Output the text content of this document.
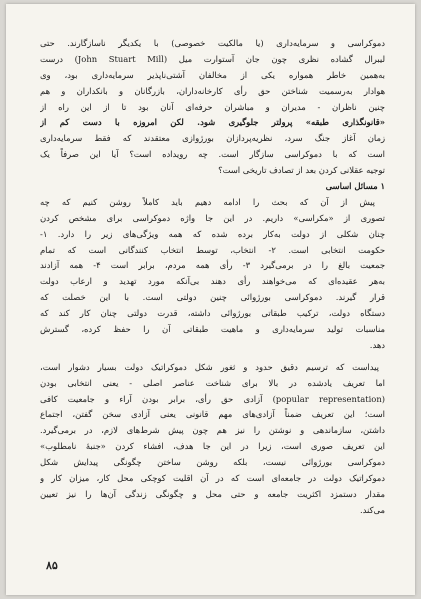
دموکراسی و سرمایه‌داری (یا مالکیت خصوصی) با یکدیگر ناسازگارند. حتی
لیبرال گشاده نظری چون جان آستوارت میل (John Stuart Mill) درست
به‌همین خاطر همواره یکی از مخالفان آشتی‌ناپذیر سرمایه‌داری بود، وی
هوادار به‌رسمیت شناختن حق رأی کارخانه‌داران، بازرگانان و بانکداران و هم
چنین ناظران - مدیران و مباشران حرفه‌ای آنان بود تا از این راه از
«قانونگذاری طبقه» پرولتر جلوگیری شود. لکن امروزه با دست کم از
زمان آغاز جنگ سرد، نظریه‌پردازان بورژوازی معتقدند که فقط سرمایه‌داری
است که با دموکراسی سازگار است. چه رویداده است؟ آیا این صرفاً یک
توجیه عقلانی کردن بعد از تصادف تاریخی است؟
۱ مسائل اساسی
پیش از آن که بحث را ادامه دهیم باید کاملاً روشن کنیم که چه
تصوری از «مکراسی» داریم. در این جا واژه دموکراسی برای مشخص کردن
چنان شکلی از دولت به‌کار برده شده که همه ویژگی‌های زیر را دارد. ۱-
حکومت انتخابی است. ۲- انتخاب، توسط انتخاب کنندگانی است که تمام
جمعیت بالغ را در برمی‌گیرد ۳- رأی همه مردم، برابر است ۴- همه آزادند
به‌هر عقیده‌ای که می‌خواهند رأی دهند بی‌آنکه مورد تهدید و ارعاب دولت
قرار گیرند. دموکراسی بورژوائی چنین دولتی است. با این خصلت که
دستگاه دولت، ترکیب طبقاتی بورژوائی داشته، قدرت دولتی چنان کار کند که
مناسبات تولید سرمایه‌داری و ماهیت طبقاتی آن را حفظ کرده، گسترش
دهد.
پیداست که ترسیم دقیق حدود و ثغور شکل دموکراتیک دولت بسیار دشوار است،
اما تعریف یادشده در بالا برای شناخت عناصر اصلی - یعنی انتخابی بودن
(popular representation) آزادی حق رأی، برابر بودن آراء و جامعیت کافی
است؛ این تعریف ضمناً آزادی‌های مهم قانونی یعنی آزادی سخن گفتن، اجتماع
داشتن، سازماندهی و نوشتن را نیز هم چون پیش شرط‌های لازم، در برمی‌گیرد.
این تعریف صوری است، زیرا در این جا هدف، افشاء کردن «جنبهٔ نامطلوب»
دموکراسی بورژوائی نیست، بلکه روشن ساختن چگونگی پیدایش شکل
دموکراتیک دولت در جامعه‌ای است که در آن اقلیت کوچکی محل کار، میزان کار و
مقدار دستمزد اکثریت جامعه و حتی محل و چگونگی زندگی آن‌ها را نیز تعیین
می‌کند.
۸۵
